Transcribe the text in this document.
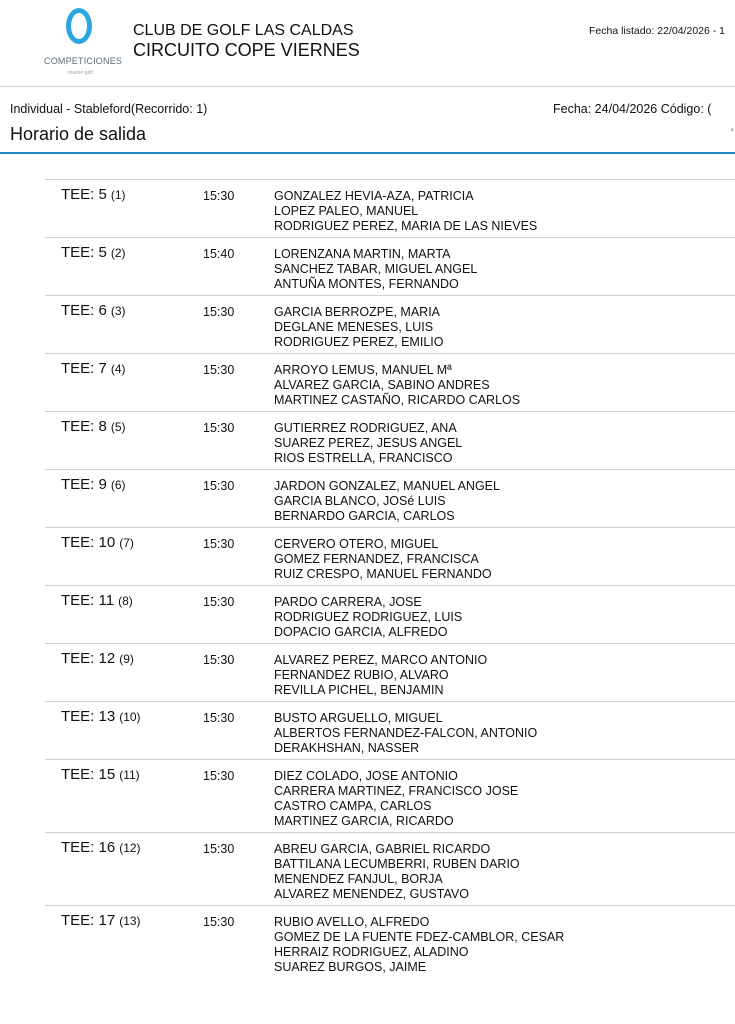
COMPETICIONES
master golf
CLUB DE GOLF LAS CALDAS
CIRCUITO COPE VIERNES
Fecha listado: 22/04/2026 - 1
Individual - Stableford(Recorrido: 1)	Fecha: 24/04/2026 Código: (
Horario de salida	'
TEE: 5 (1)	15:30	GONZALEZ HEVIA-AZA, PATRICIA
LOPEZ PALEO, MANUEL
RODRIGUEZ PEREZ, MARIA DE LAS NIEVES
TEE: 5 (2)	15:40	LORENZANA MARTIN, MARTA
SANCHEZ TABAR, MIGUEL ANGEL
ANTUÑA MONTES, FERNANDO
TEE: 6 (3)	15:30	GARCIA BERROZPE, MARIA
DEGLANE MENESES, LUIS
RODRIGUEZ PEREZ, EMILIO
TEE: 7 (4)	15:30	ARROYO LEMUS, MANUEL Mª
ALVAREZ GARCIA, SABINO ANDRES
MARTINEZ CASTAÑO, RICARDO CARLOS
TEE: 8 (5)	15:30	GUTIERREZ RODRIGUEZ, ANA
SUAREZ PEREZ, JESUS ANGEL
RIOS ESTRELLA, FRANCISCO
TEE: 9 (6)	15:30	JARDON GONZALEZ, MANUEL ANGEL
GARCIA BLANCO, JOSé LUIS
BERNARDO GARCIA, CARLOS
TEE: 10 (7)	15:30	CERVERO OTERO, MIGUEL
GOMEZ FERNANDEZ, FRANCISCA
RUIZ CRESPO, MANUEL FERNANDO
TEE: 11 (8)	15:30	PARDO CARRERA, JOSE
RODRIGUEZ RODRIGUEZ, LUIS
DOPACIO GARCIA, ALFREDO
TEE: 12 (9)	15:30	ALVAREZ PEREZ, MARCO ANTONIO
FERNANDEZ RUBIO, ALVARO
REVILLA PICHEL, BENJAMIN
TEE: 13 (10)	15:30	BUSTO ARGUELLO, MIGUEL
ALBERTOS FERNANDEZ-FALCON, ANTONIO
DERAKHSHAN, NASSER
TEE: 15 (11)	15:30	DIEZ COLADO, JOSE ANTONIO
CARRERA MARTINEZ, FRANCISCO JOSE
CASTRO CAMPA, CARLOS
MARTINEZ GARCIA, RICARDO
TEE: 16 (12)	15:30	ABREU GARCIA, GABRIEL RICARDO
BATTILANA LECUMBERRI, RUBEN DARIO
MENENDEZ FANJUL, BORJA
ALVAREZ MENENDEZ, GUSTAVO
TEE: 17 (13)	15:30	RUBIO AVELLO, ALFREDO
GOMEZ DE LA FUENTE FDEZ-CAMBLOR, CESAR
HERRAIZ RODRIGUEZ, ALADINO
SUAREZ BURGOS, JAIME
